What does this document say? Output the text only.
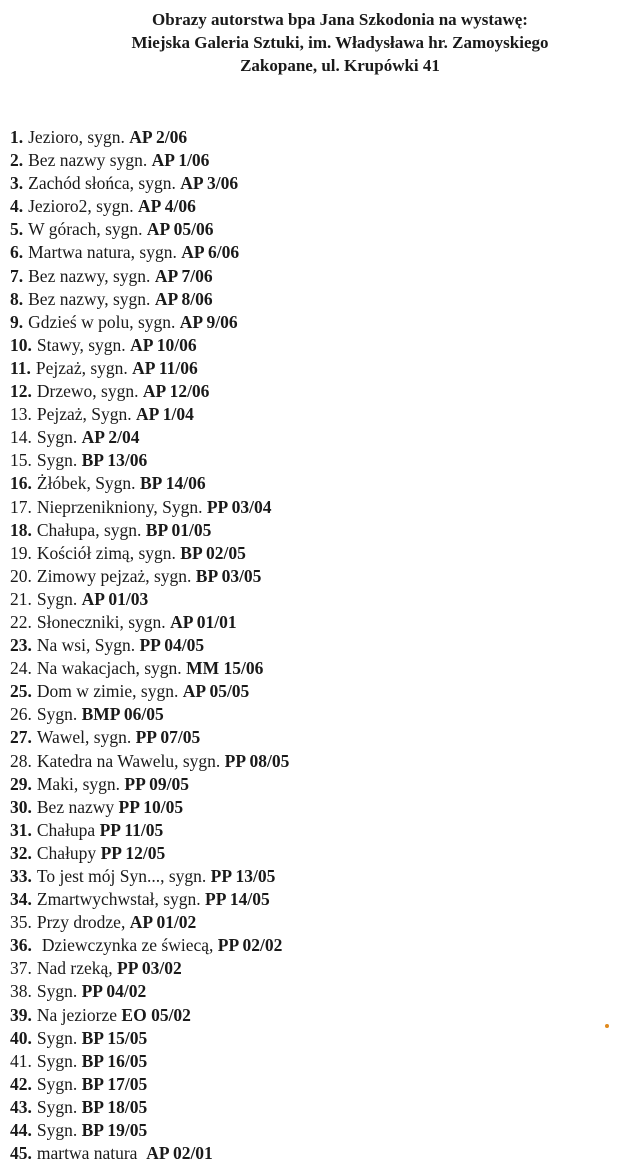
Obrazy autorstwa bpa Jana Szkodonia na wystawę:
Miejska Galeria Sztuki, im. Władysława hr. Zamoyskiego
Zakopane, ul. Krupówki 41
1. Jezioro, sygn. AP 2/06
2. Bez nazwy sygn. AP 1/06
3. Zachód słońca, sygn. AP 3/06
4. Jezioro2, sygn. AP 4/06
5. W górach, sygn. AP 05/06
6. Martwa natura, sygn. AP 6/06
7. Bez nazwy, sygn. AP 7/06
8. Bez nazwy, sygn. AP 8/06
9. Gdzieś w polu, sygn. AP 9/06
10. Stawy, sygn. AP 10/06
11. Pejzaż, sygn. AP 11/06
12. Drzewo, sygn. AP 12/06
13. Pejzaż, Sygn. AP 1/04
14. Sygn. AP 2/04
15. Sygn. BP 13/06
16. Żłóbek, Sygn. BP 14/06
17. Nieprzenikniony, Sygn. PP 03/04
18. Chałupa, sygn. BP 01/05
19. Kościół zimą, sygn. BP 02/05
20. Zimowy pejzaż, sygn. BP 03/05
21. Sygn. AP 01/03
22. Słoneczniki, sygn. AP 01/01
23. Na wsi, Sygn. PP 04/05
24. Na wakacjach, sygn. MM 15/06
25. Dom w zimie, sygn. AP 05/05
26. Sygn. BMP 06/05
27. Wawel, sygn. PP 07/05
28. Katedra na Wawelu, sygn. PP 08/05
29. Maki, sygn. PP 09/05
30. Bez nazwy PP 10/05
31. Chałupa PP 11/05
32. Chałupy PP 12/05
33. To jest mój Syn..., sygn. PP 13/05
34. Zmartwychwstał, sygn. PP 14/05
35. Przy drodze, AP 01/02
36. Dziewczynka ze świecą, PP 02/02
37. Nad rzeką, PP 03/02
38. Sygn. PP 04/02
39. Na jeziorze EO 05/02
40. Sygn. BP 15/05
41. Sygn. BP 16/05
42. Sygn. BP 17/05
43. Sygn. BP 18/05
44. Sygn. BP 19/05
45. martwa natura  AP 02/01
